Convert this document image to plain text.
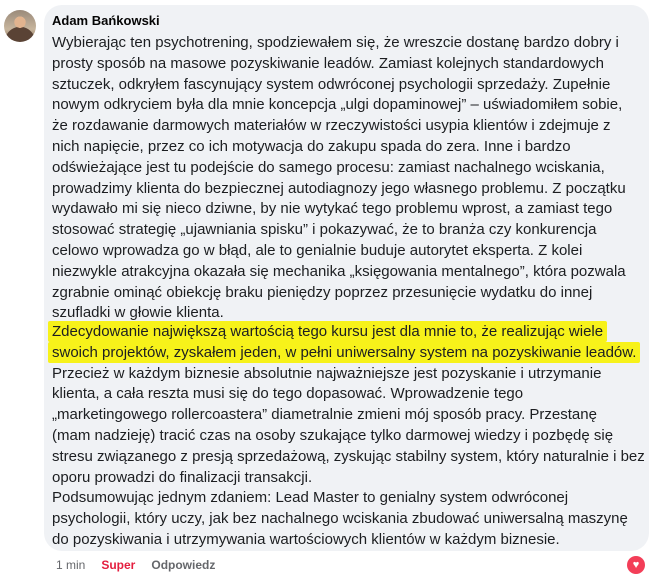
Adam Bańkowski

Wybierając ten psychotrening, spodziewałem się, że wreszcie dostanę bardzo dobry i
prosty sposób na masowe pozyskiwanie leadów. Zamiast kolejnych standardowych
sztuczek, odkryłem fascynujący system odwróconej psychologii sprzedaży. Zupełnie
nowym odkryciem była dla mnie koncepcja „ulgi dopaminowej” – uświadomiłem sobie,
że rozdawanie darmowych materiałów w rzeczywistości usypia klientów i zdejmuje z
nich napięcie, przez co ich motywacja do zakupu spada do zera. Inne i bardzo
odświeżające jest tu podejście do samego procesu: zamiast nachalnego wciskania,
prowadzimy klienta do bezpiecznej autodiagnozy jego własnego problemu. Z początku
wydawało mi się nieco dziwne, by nie wytykać tego problemu wprost, a zamiast tego
stosować strategię „ujawniania spisku” i pokazywać, że to branża czy konkurencja
celowo wprowadza go w błąd, ale to genialnie buduje autorytet eksperta. Z kolei
niezwykle atrakcyjna okazała się mechanika „księgowania mentalnego”, która pozwala
zgrabnie ominąć obiekcję braku pieniędzy poprzez przesunięcie wydatku do innej
szufladki w głowie klienta.

Zdecydowanie największą wartością tego kursu jest dla mnie to, że realizując wiele
swoich projektów, zyskałem jeden, w pełni uniwersalny system na pozyskiwanie leadów.
Przecież w każdym biznesie absolutnie najważniejsze jest pozyskanie i utrzymanie
klienta, a cała reszta musi się do tego dopasować. Wprowadzenie tego
„marketingowego rollercoastera” diametralnie zmieni mój sposób pracy. Przestanę
(mam nadzieję) tracić czas na osoby szukające tylko darmowej wiedzy i pozbędę się
stresu związanego z presją sprzedażową, zyskując stabilny system, który naturalnie i bez
oporu prowadzi do finalizacji transakcji.

Podsumowując jednym zdaniem: Lead Master to genialny system odwróconej
psychologii, który uczy, jak bez nachalnego wciskania zbudować uniwersalną maszynę
do pozyskiwania i utrzymywania wartościowych klientów w każdym biznesie.

1 min Super Odpowiedz	♥
